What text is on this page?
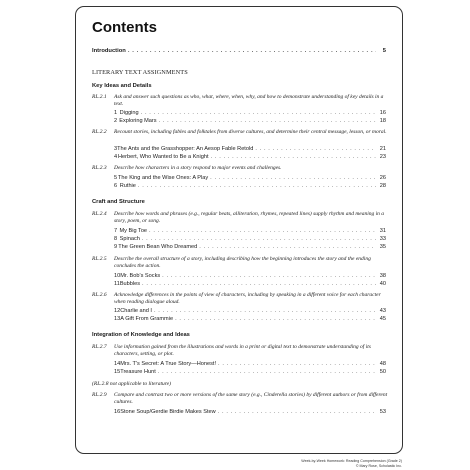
Contents
Introduction . . .	5
LITERARY TEXT ASSIGNMENTS
Key Ideas and Details
RL.2.1 Ask and answer such questions as who, what, where, when, why, and how to demonstrate understanding of key details in a text.
1 Digging . . .	16
2 Exploring Mars . . .	18
RL.2.2 Recount stories, including fables and folktales from diverse cultures, and determine their central message, lesson, or moral.
3 The Ants and the Grasshopper: An Aesop Fable Retold . . .	21
4 Herbert, Who Wanted to Be a Knight . . .	23
RL.2.3 Describe how characters in a story respond to major events and challenges.
5 The King and the Wise Ones: A Play . . .	26
6 Ruthie . . .	28
Craft and Structure
RL.2.4 Describe how words and phrases (e.g., regular beats, alliteration, rhymes, repeated lines) supply rhythm and meaning in a story, poem, or song.
7 My Big Toe . . .	31
8 Spinach . . .	33
9 The Green Bean Who Dreamed . . .	35
RL.2.5 Describe the overall structure of a story, including describing how the beginning introduces the story and the ending concludes the action.
10 Mr. Bob's Socks . . .	38
11 Bubbles . . .	40
RL.2.6 Acknowledge differences in the points of view of characters, including by speaking in a different voice for each character when reading dialogue aloud.
12 Charlie and I . . .	43
13 A Gift From Grammie . . .	45
Integration of Knowledge and Ideas
RL.2.7 Use information gained from the illustrations and words in a print or digital text to demonstrate understanding of its characters, setting, or plot.
14 Mrs. T's Secret: A True Story—Honest! . . .	48
15 Treasure Hunt . . .	50
(RL.2.8 not applicable to literature)
RL.2.9 Compare and contrast two or more versions of the same story (e.g., Cinderella stories) by different authors or from different cultures.
16 Stone Soup/Gerdie Birdie Makes Stew . . .	53
Week-by-Week Homework: Reading Comprehension (Grade 2)
© Mary Rose, Scholastic Inc.
